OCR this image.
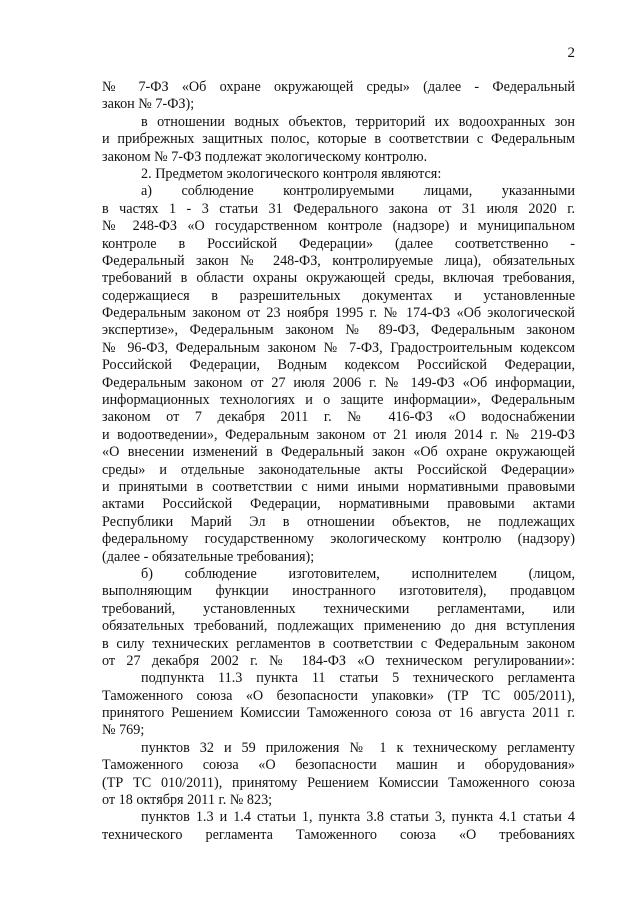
2
№ 7-ФЗ «Об охране окружающей среды» (далее - Федеральный
закон № 7-ФЗ);
в отношении водных объектов, территорий их водоохранных зон
и прибрежных защитных полос, которые в соответствии с Федеральным
законом № 7-ФЗ подлежат экологическому контролю.
2. Предметом экологического контроля являются:
а) соблюдение контролируемыми лицами, указанными
в частях 1 - 3 статьи 31 Федерального закона от 31 июля 2020 г.
№ 248-ФЗ «О государственном контроле (надзоре) и муниципальном
контроле в Российской Федерации» (далее соответственно -
Федеральный закон № 248-ФЗ, контролируемые лица), обязательных
требований в области охраны окружающей среды, включая требования,
содержащиеся в разрешительных документах и установленные
Федеральным законом от 23 ноября 1995 г. № 174-ФЗ «Об экологической
экспертизе», Федеральным законом № 89-ФЗ, Федеральным законом
№ 96-ФЗ, Федеральным законом № 7-ФЗ, Градостроительным кодексом
Российской Федерации, Водным кодексом Российской Федерации,
Федеральным законом от 27 июля 2006 г. № 149-ФЗ «Об информации,
информационных технологиях и о защите информации», Федеральным
законом от 7 декабря 2011 г. № 416-ФЗ «О водоснабжении
и водоотведении», Федеральным законом от 21 июля 2014 г. № 219-ФЗ
«О внесении изменений в Федеральный закон «Об охране окружающей
среды» и отдельные законодательные акты Российской Федерации»
и принятыми в соответствии с ними иными нормативными правовыми
актами Российской Федерации, нормативными правовыми актами
Республики Марий Эл в отношении объектов, не подлежащих
федеральному государственному экологическому контролю (надзору)
(далее - обязательные требования);
б) соблюдение изготовителем, исполнителем (лицом,
выполняющим функции иностранного изготовителя), продавцом
требований, установленных техническими регламентами, или
обязательных требований, подлежащих применению до дня вступления
в силу технических регламентов в соответствии с Федеральным законом
от 27 декабря 2002 г. № 184-ФЗ «О техническом регулировании»:
подпункта 11.3 пункта 11 статьи 5 технического регламента
Таможенного союза «О безопасности упаковки» (ТР ТС 005/2011),
принятого Решением Комиссии Таможенного союза от 16 августа 2011 г.
№ 769;
пунктов 32 и 59 приложения № 1 к техническому регламенту
Таможенного союза «О безопасности машин и оборудования»
(ТР ТС 010/2011), принятому Решением Комиссии Таможенного союза
от 18 октября 2011 г. № 823;
пунктов 1.3 и 1.4 статьи 1, пункта 3.8 статьи 3, пункта 4.1 статьи 4
технического регламента Таможенного союза «О требованиях
